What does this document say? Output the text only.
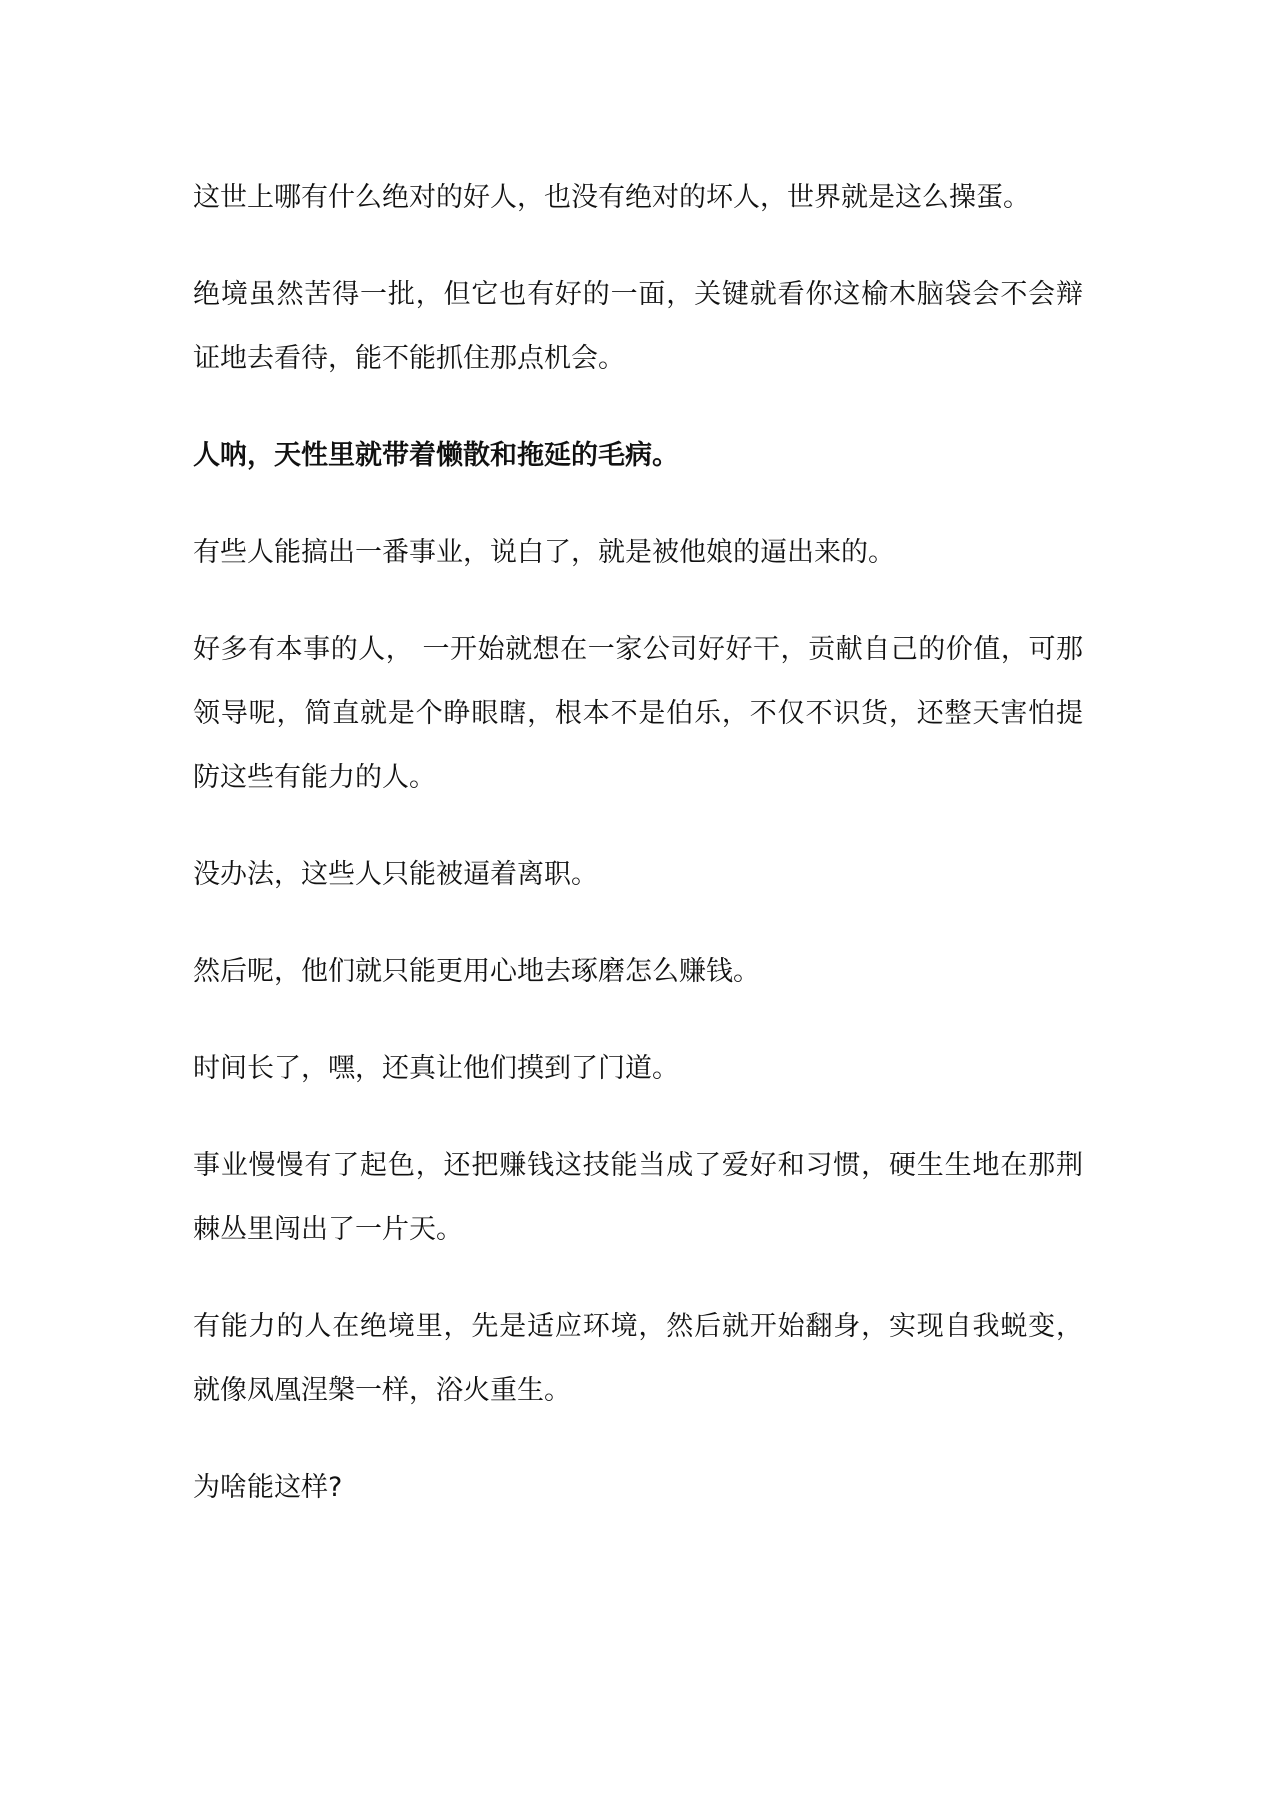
这世上哪有什么绝对的好人，也没有绝对的坏人，世界就是这么操蛋。

绝境虽然苦得一批，但它也有好的一面，关键就看你这榆木脑袋会不会辩证地去看待，能不能抓住那点机会。

人呐，天性里就带着懒散和拖延的毛病。

有些人能搞出一番事业，说白了，就是被他娘的逼出来的。

好多有本事的人， 一开始就想在一家公司好好干，贡献自己的价值，可那领导呢，简直就是个睁眼瞎，根本不是伯乐，不仅不识货，还整天害怕提防这些有能力的人。

没办法，这些人只能被逼着离职。

然后呢，他们就只能更用心地去琢磨怎么赚钱。

时间长了，嘿，还真让他们摸到了门道。

事业慢慢有了起色，还把赚钱这技能当成了爱好和习惯，硬生生地在那荆棘丛里闯出了一片天。

有能力的人在绝境里，先是适应环境，然后就开始翻身，实现自我蜕变，就像凤凰涅槃一样，浴火重生。

为啥能这样?
